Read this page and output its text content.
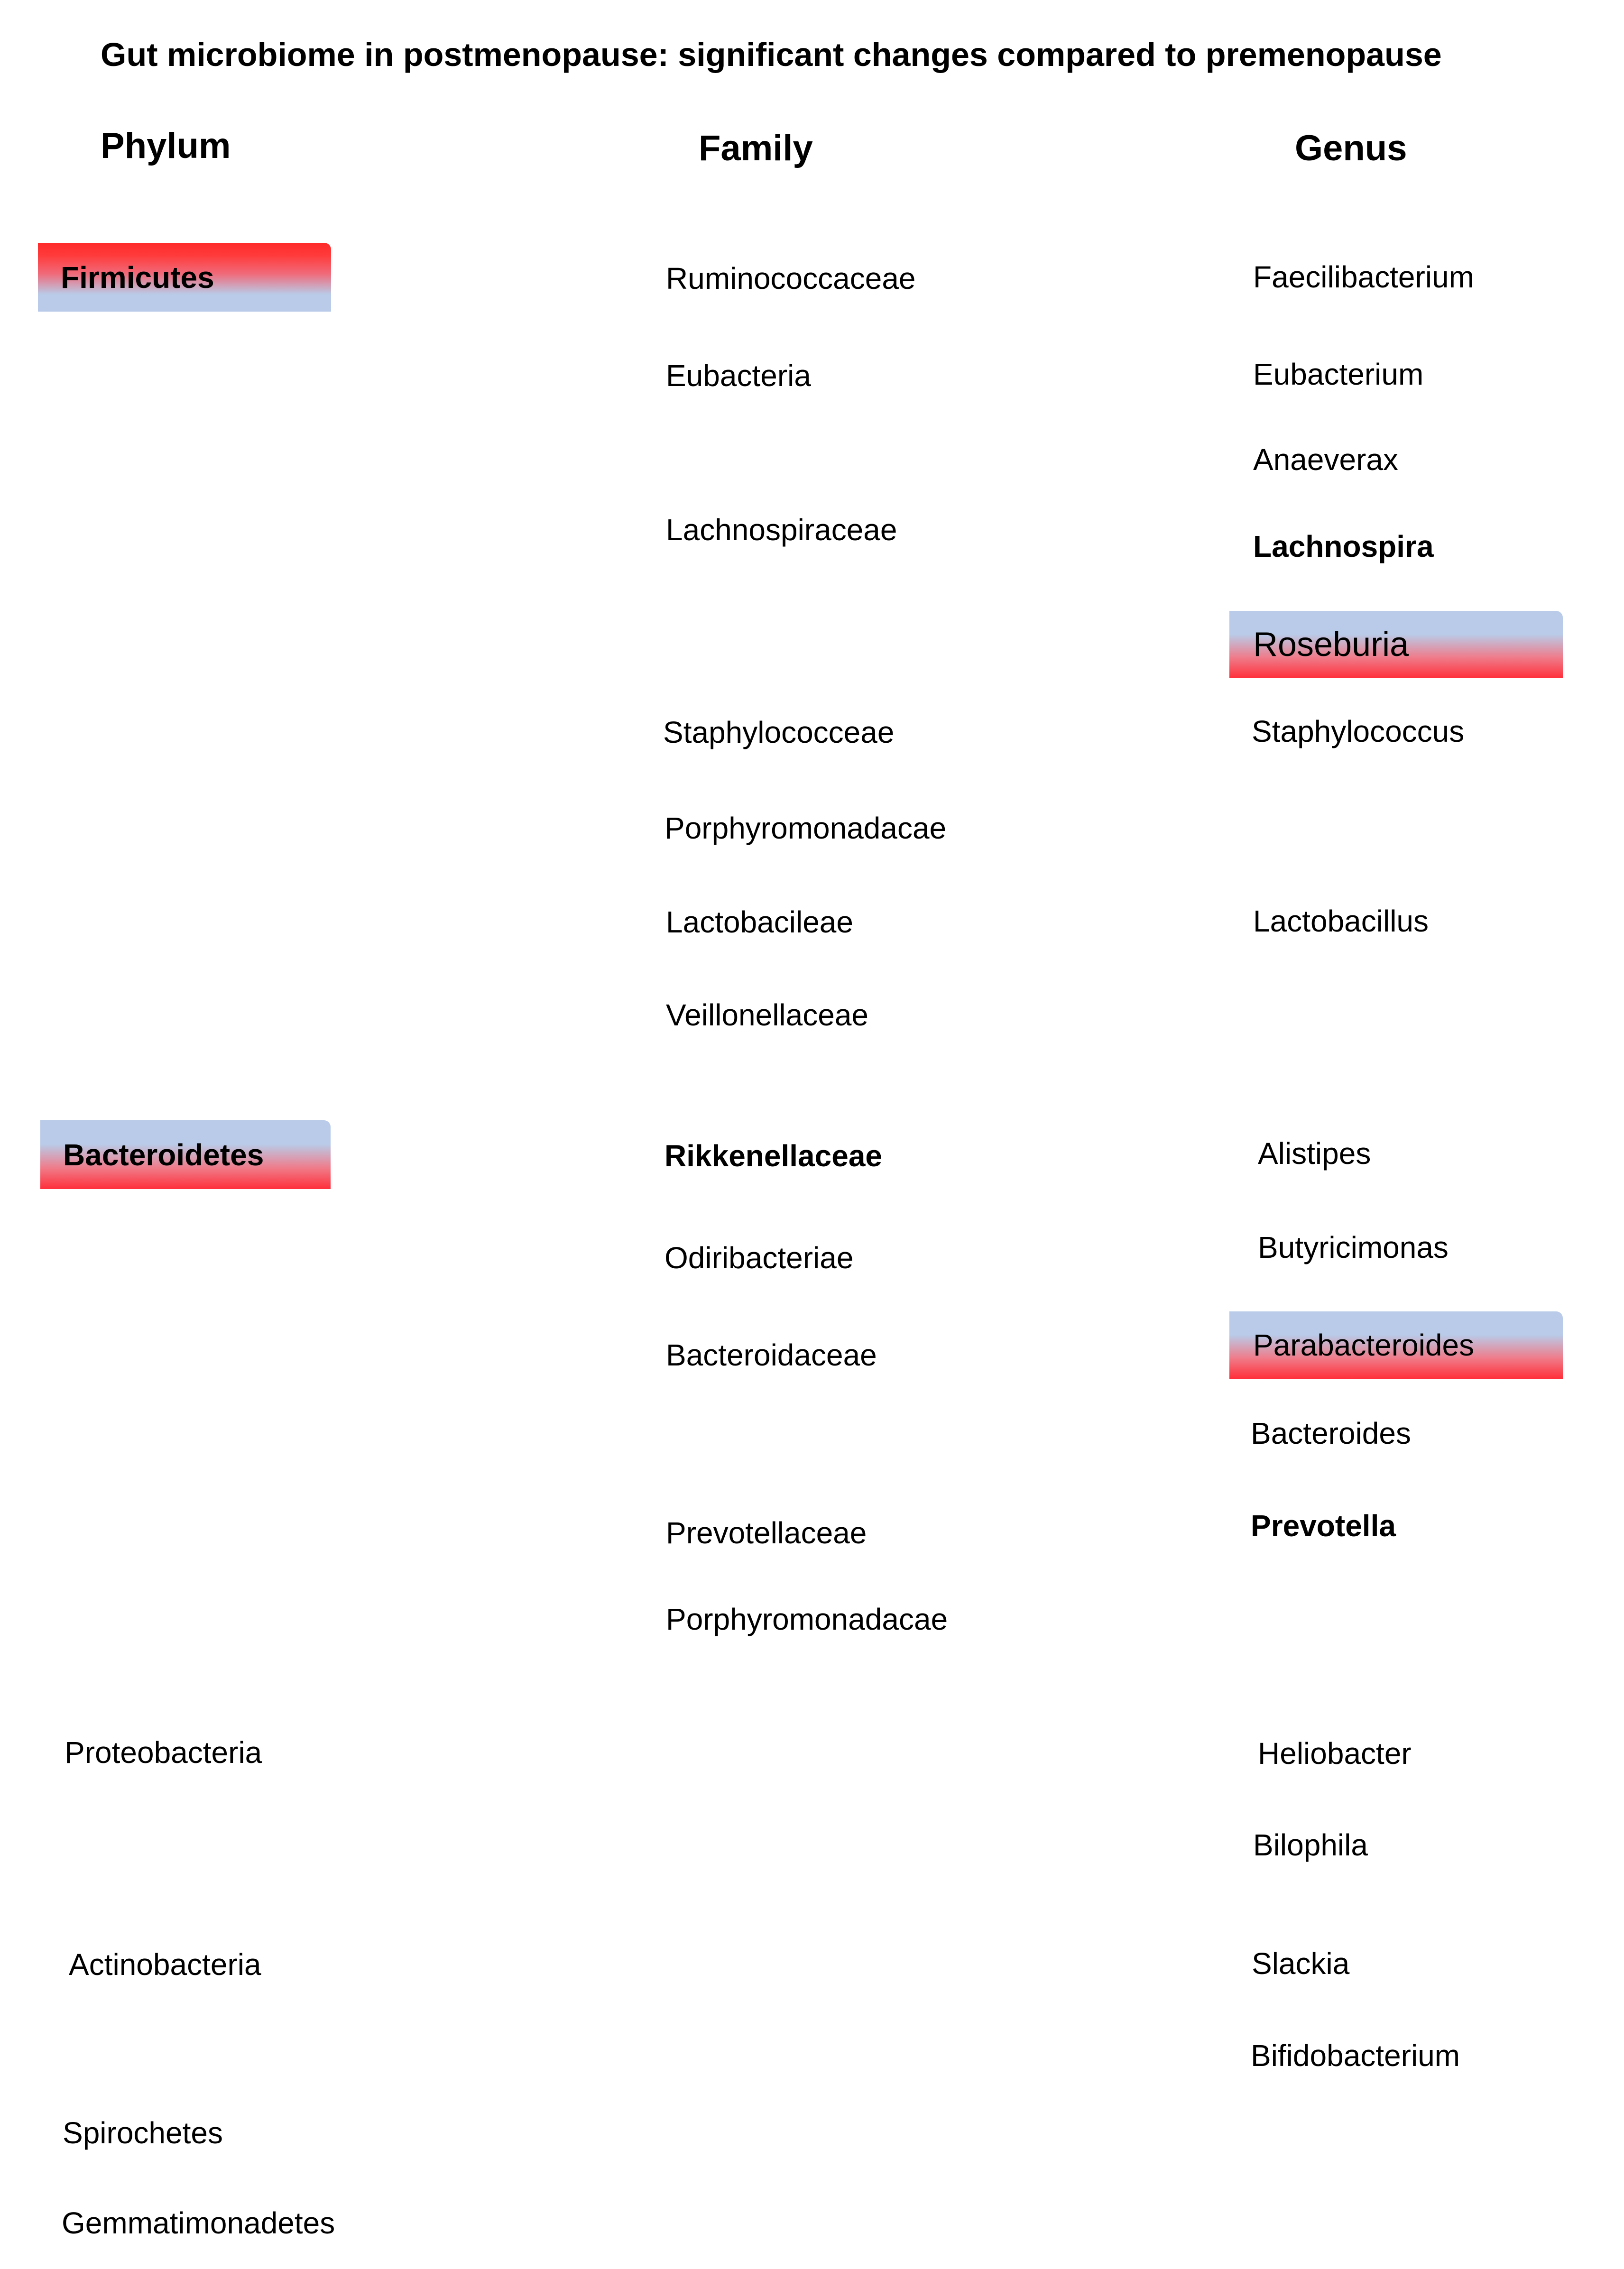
Gut microbiome in postmenopause: significant changes compared to premenopause
Phylum	Family	Genus
Firmicutes
Bacteroidetes
Proteobacteria
Actinobacteria
Spirochetes
Gemmatimonadetes
Ruminococcaceae
Eubacteria
Lachnospiraceae
Staphylococceae
Porphyromonadacae
Lactobacileae
Veillonellaceae
Rikkenellaceae
Odiribacteriae
Bacteroidaceae
Prevotellaceae
Porphyromonadacae
Faecilibacterium
Eubacterium
Anaeverax
Lachnospira
Roseburia
Staphylococcus
Lactobacillus
Alistipes
Butyricimonas
Parabacteroides
Bacteroides
Prevotella
Heliobacter
Bilophila
Slackia
Bifidobacterium
